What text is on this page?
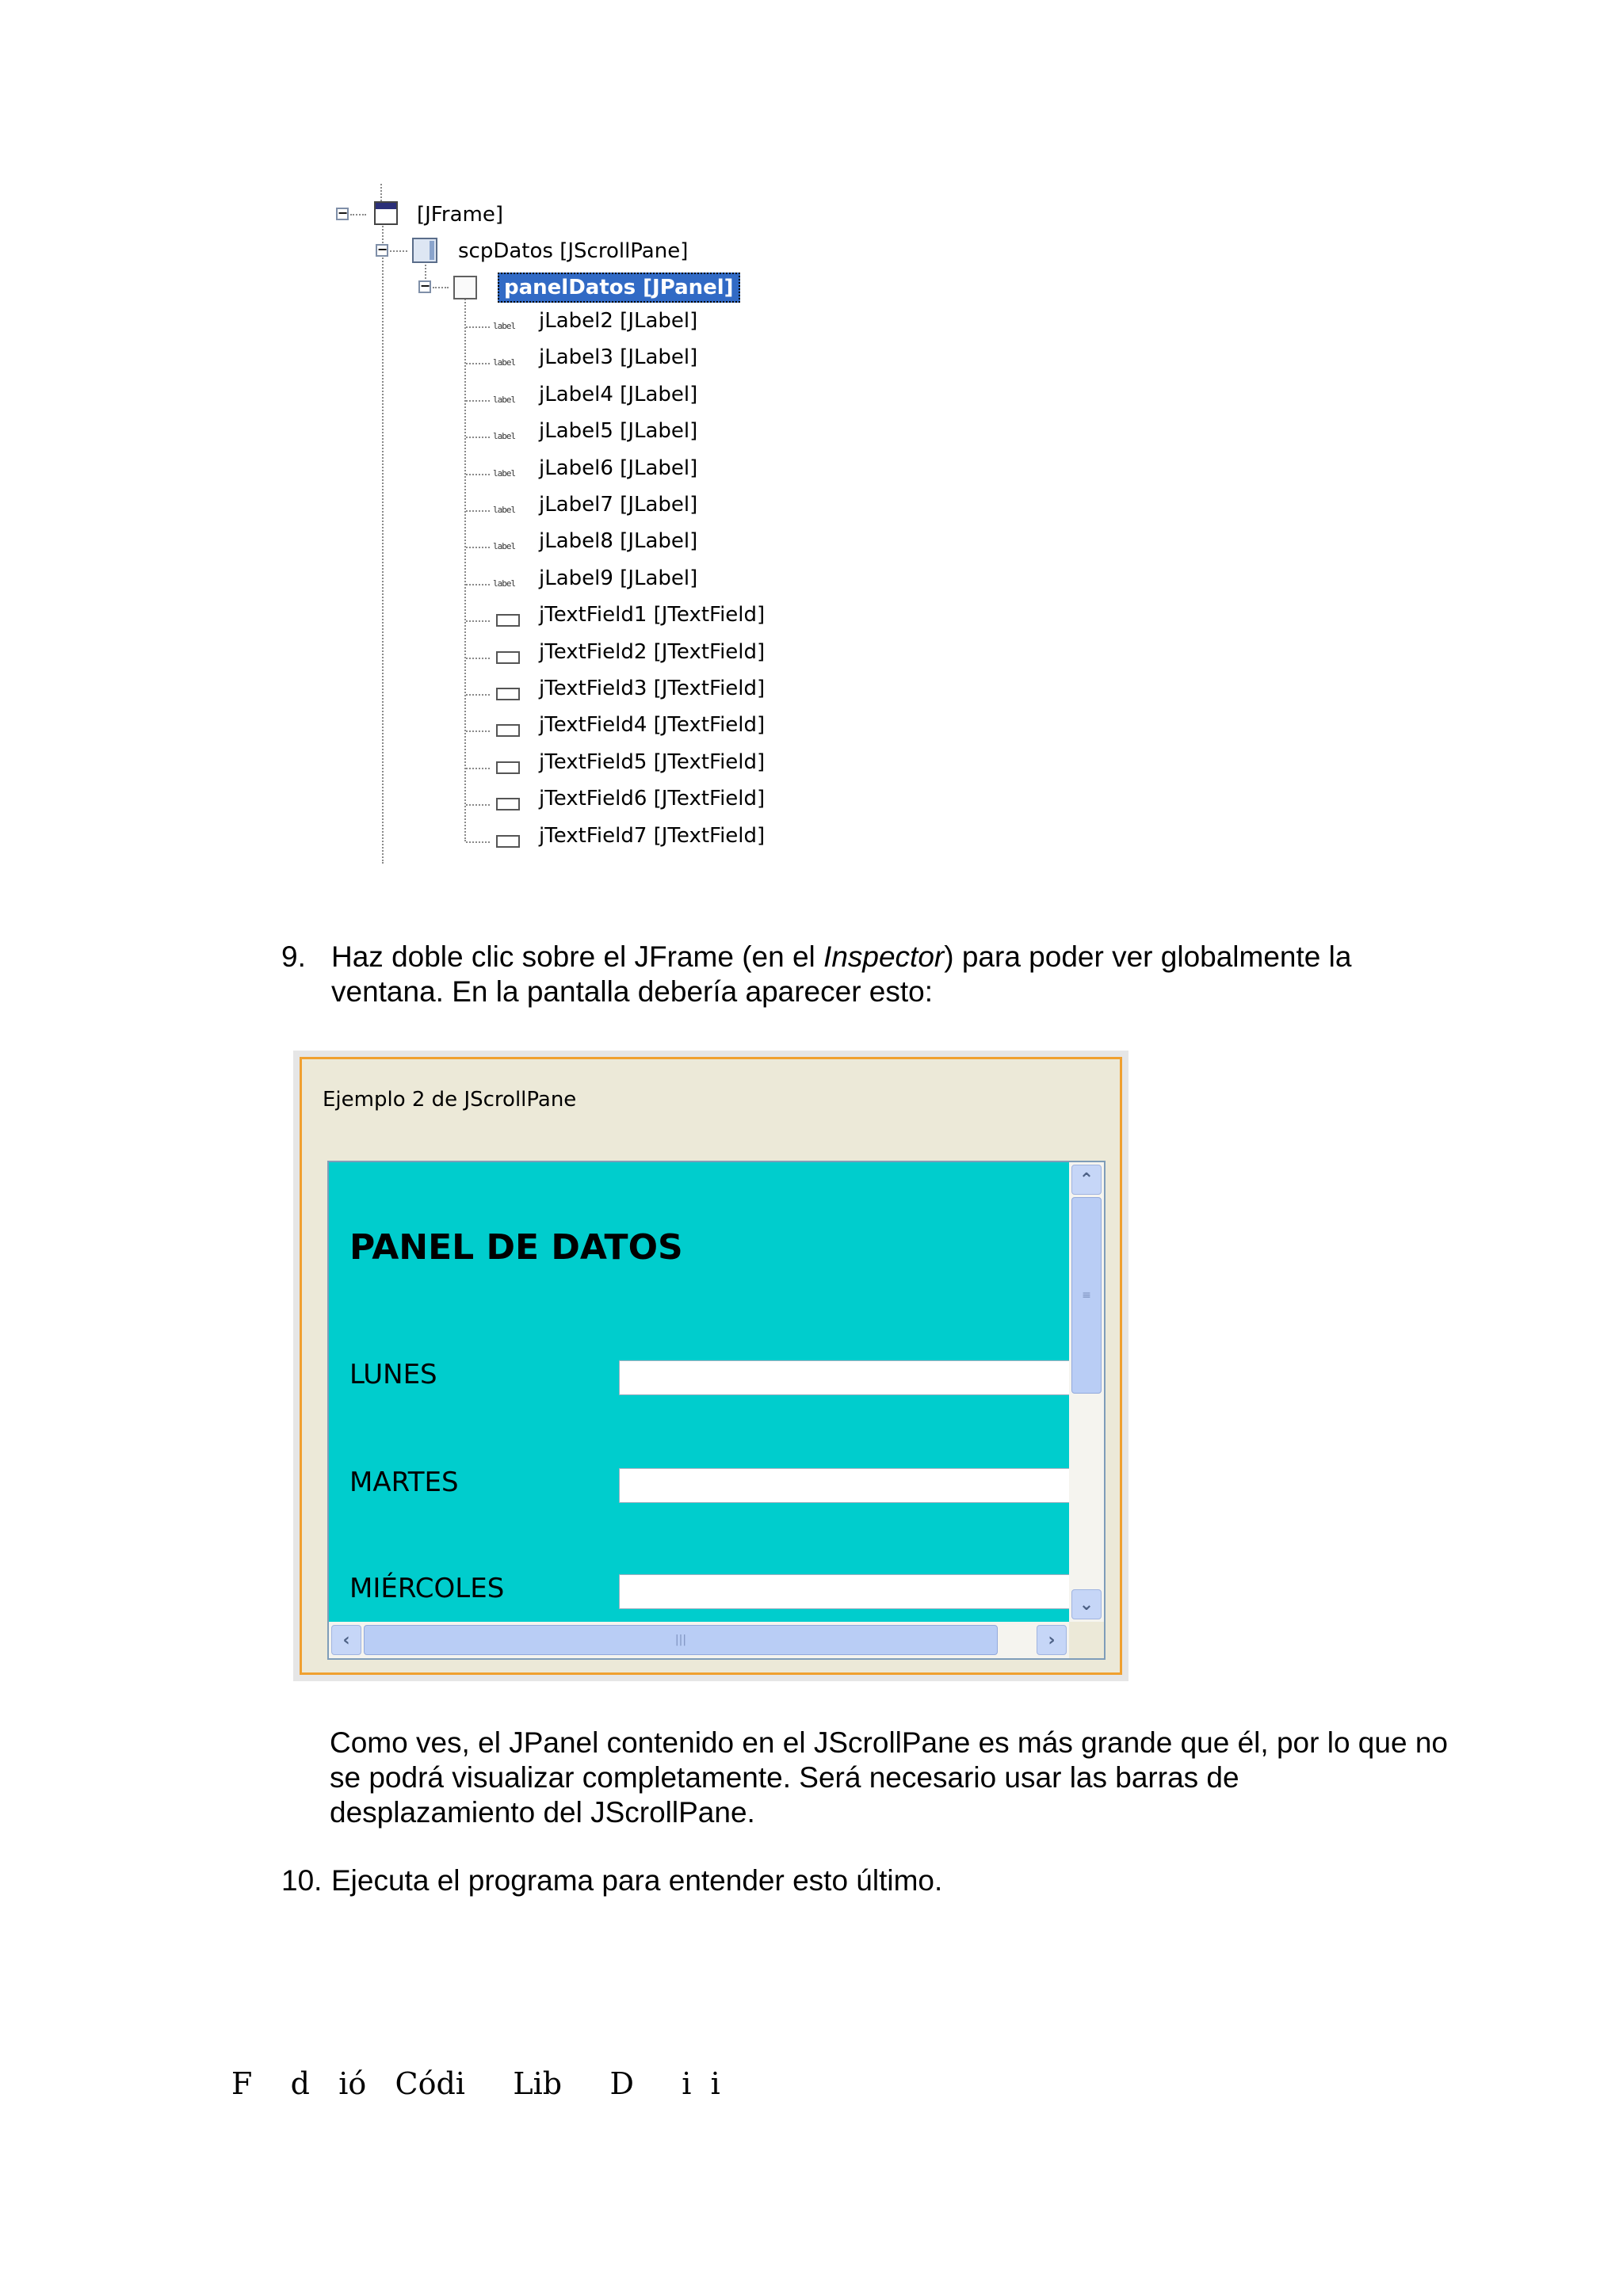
−	[JFrame]
−	scpDatos [JScrollPane]
−	panelDatos [JPanel]
label jLabel2 [JLabel]
label jLabel3 [JLabel]
label jLabel4 [JLabel]
label jLabel5 [JLabel]
label jLabel6 [JLabel]
label jLabel7 [JLabel]
label jLabel8 [JLabel]
label jLabel9 [JLabel]
jTextField1 [JTextField]
jTextField2 [JTextField]
jTextField3 [JTextField]
jTextField4 [JTextField]
jTextField5 [JTextField]
jTextField6 [JTextField]
jTextField7 [JTextField]
9. Haz doble clic sobre el JFrame (en el Inspector) para poder ver globalmente la
ventana. En la pantalla debería aparecer esto:
Ejemplo 2 de JScrollPane
PANEL DE DATOS
LUNES
MARTES
MIÉRCOLES
⌃
≡
⌄
‹	|||	›
Como ves, el JPanel contenido en el JScrollPane es más grande que él, por lo que no
se podrá visualizar completamente. Será necesario usar las barras de
desplazamiento del JScrollPane.
10. Ejecuta el programa para entender esto último.
F    d   ió   Códi     Lib     D     i  i
